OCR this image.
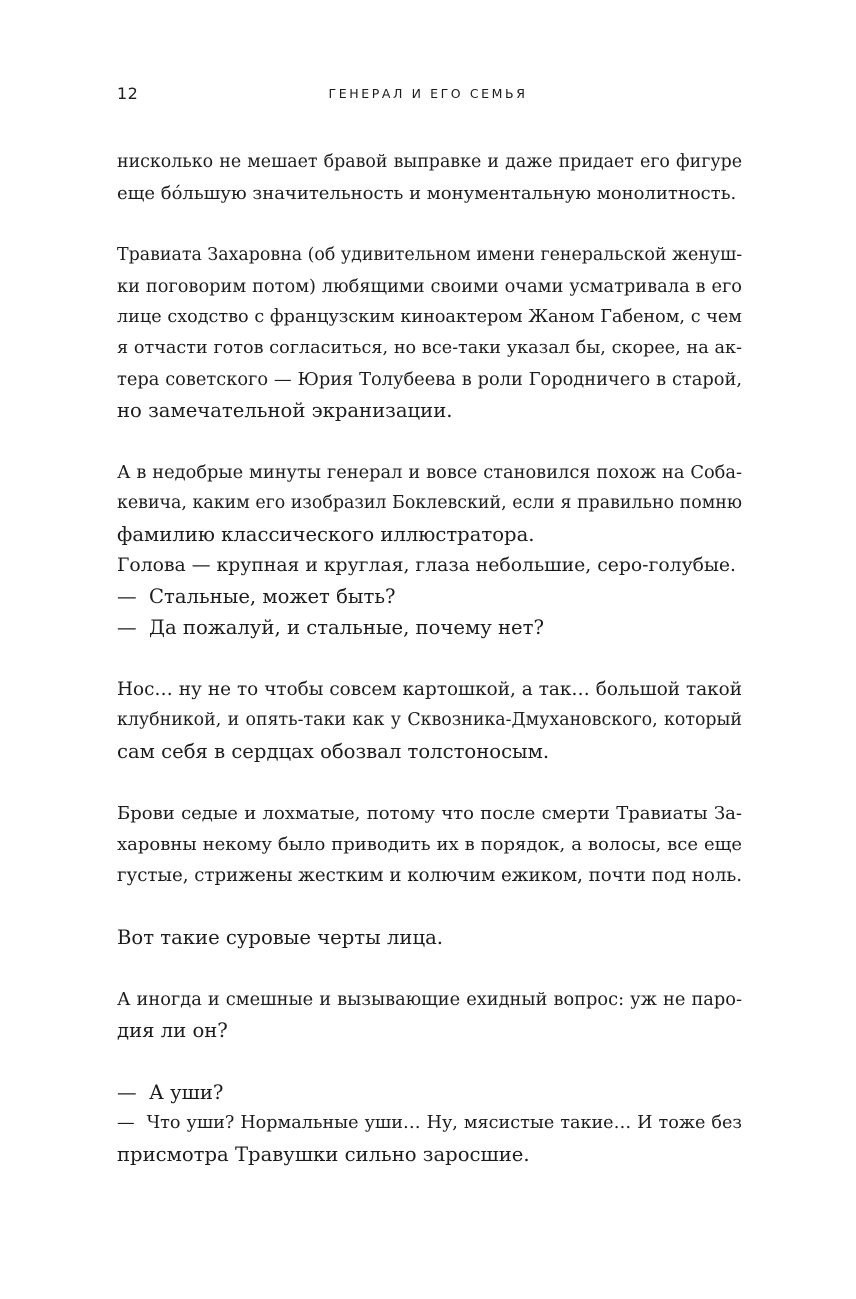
12	ГЕНЕРАЛ И ЕГО СЕМЬЯ
нисколько не мешает бравой выправке и даже придает его фигуре
еще бо́льшую значительность и монументальную монолитность.
Травиата Захаровна (об удивительном имени генеральской женуш-
ки поговорим потом) любящими своими очами усматривала в его
лице сходство с французским киноактером Жаном Габеном, с чем
я отчасти готов согласиться, но все-таки указал бы, скорее, на ак-
тера советского — Юрия Толубеева в роли Городничего в старой,
но замечательной экранизации.
А в недобрые минуты генерал и вовсе становился похож на Соба-
кевича, каким его изобразил Боклевский, если я правильно помню
фамилию классического иллюстратора.
Голова — крупная и круглая, глаза небольшие, серо-голубые.
—  Стальные, может быть?
—  Да пожалуй, и стальные, почему нет?
Нос… ну не то чтобы совсем картошкой, а так… большой такой
клубникой, и опять-таки как у Сквозника-Дмухановского, который
сам себя в сердцах обозвал толстоносым.
Брови седые и лохматые, потому что после смерти Травиаты За-
харовны некому было приводить их в порядок, а волосы, все еще
густые, стрижены жестким и колючим ежиком, почти под ноль.
Вот такие суровые черты лица.
А иногда и смешные и вызывающие ехидный вопрос: уж не паро-
дия ли он?
—  А уши?
—  Что уши? Нормальные уши… Ну, мясистые такие… И тоже без
присмотра Травушки сильно заросшие.
